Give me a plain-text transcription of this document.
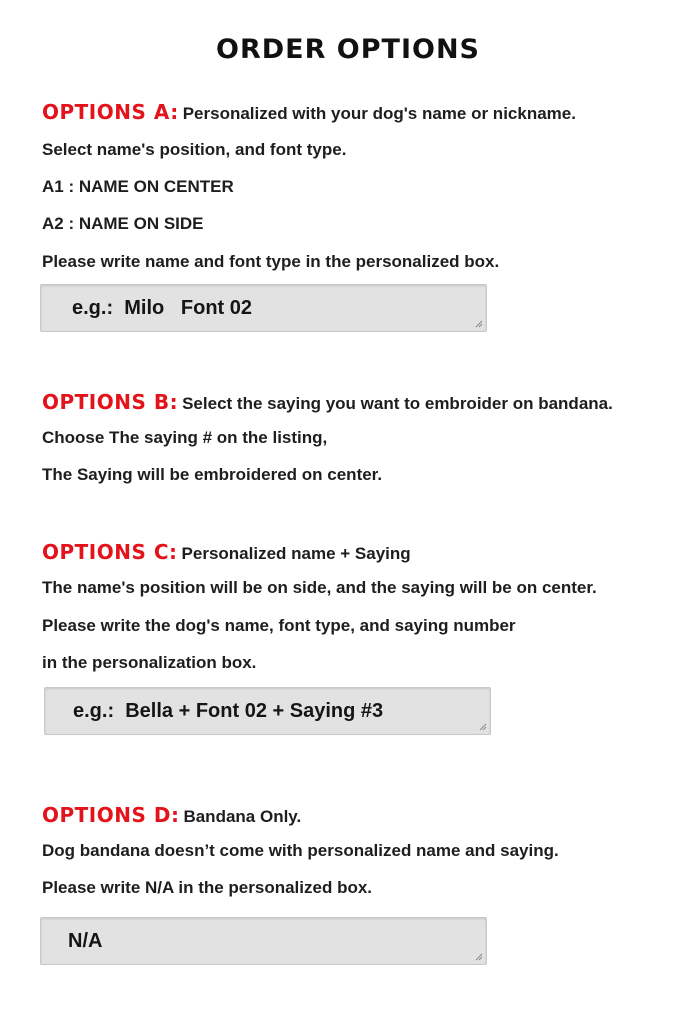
ORDER OPTIONS
OPTIONS A: Personalized with your dog's name or nickname.
Select name's position, and font type.
A1 : NAME ON CENTER
A2 : NAME ON SIDE
Please write name and font type in the personalized box.
e.g.:  Milo   Font 02
OPTIONS B: Select the saying you want to embroider on bandana.
Choose The saying # on the listing,
The Saying will be embroidered on center.
OPTIONS C: Personalized name + Saying
The name's position will be on side, and the saying will be on center.
Please write the dog's name, font type, and saying number
in the personalization box.
e.g.:  Bella + Font 02 + Saying #3
OPTIONS D: Bandana Only.
Dog bandana doesn’t come with personalized name and saying.
Please write N/A in the personalized box.
N/A
